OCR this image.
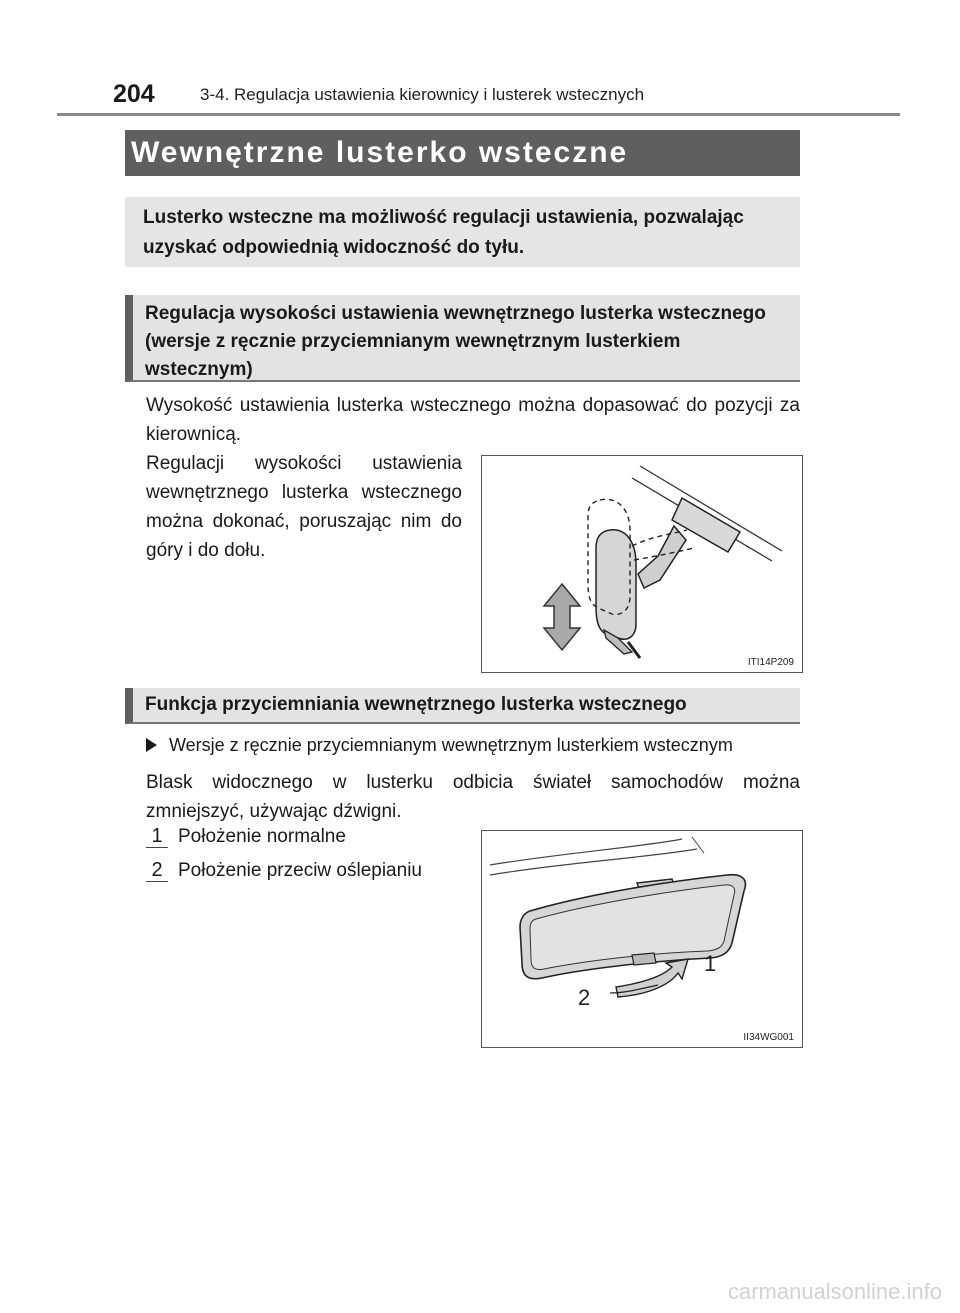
204	3-4. Regulacja ustawienia kierownicy i lusterek wstecznych
Wewnętrzne lusterko wsteczne
Lusterko wsteczne ma możliwość regulacji ustawienia, pozwalając uzyskać odpowiednią widoczność do tyłu.
Regulacja wysokości ustawienia wewnętrznego lusterka wstecznego (wersje z ręcznie przyciemnianym wewnętrznym lusterkiem wstecznym)
Wysokość ustawienia lusterka wstecznego można dopasować do pozycji za kierownicą.
Regulacji wysokości ustawienia wewnętrznego lusterka wstecznego można dokonać, poruszając nim do góry i do dołu.
ITI14P209
Funkcja przyciemniania wewnętrznego lusterka wstecznego
Wersje z ręcznie przyciemnianym wewnętrznym lusterkiem wstecznym
Blask widocznego w lusterku odbicia świateł samochodów można zmniejszyć, używając dźwigni.
1 Położenie normalne
2 Położenie przeciw oślepianiu
1
2
II34WG001
carmanualsonline.info
